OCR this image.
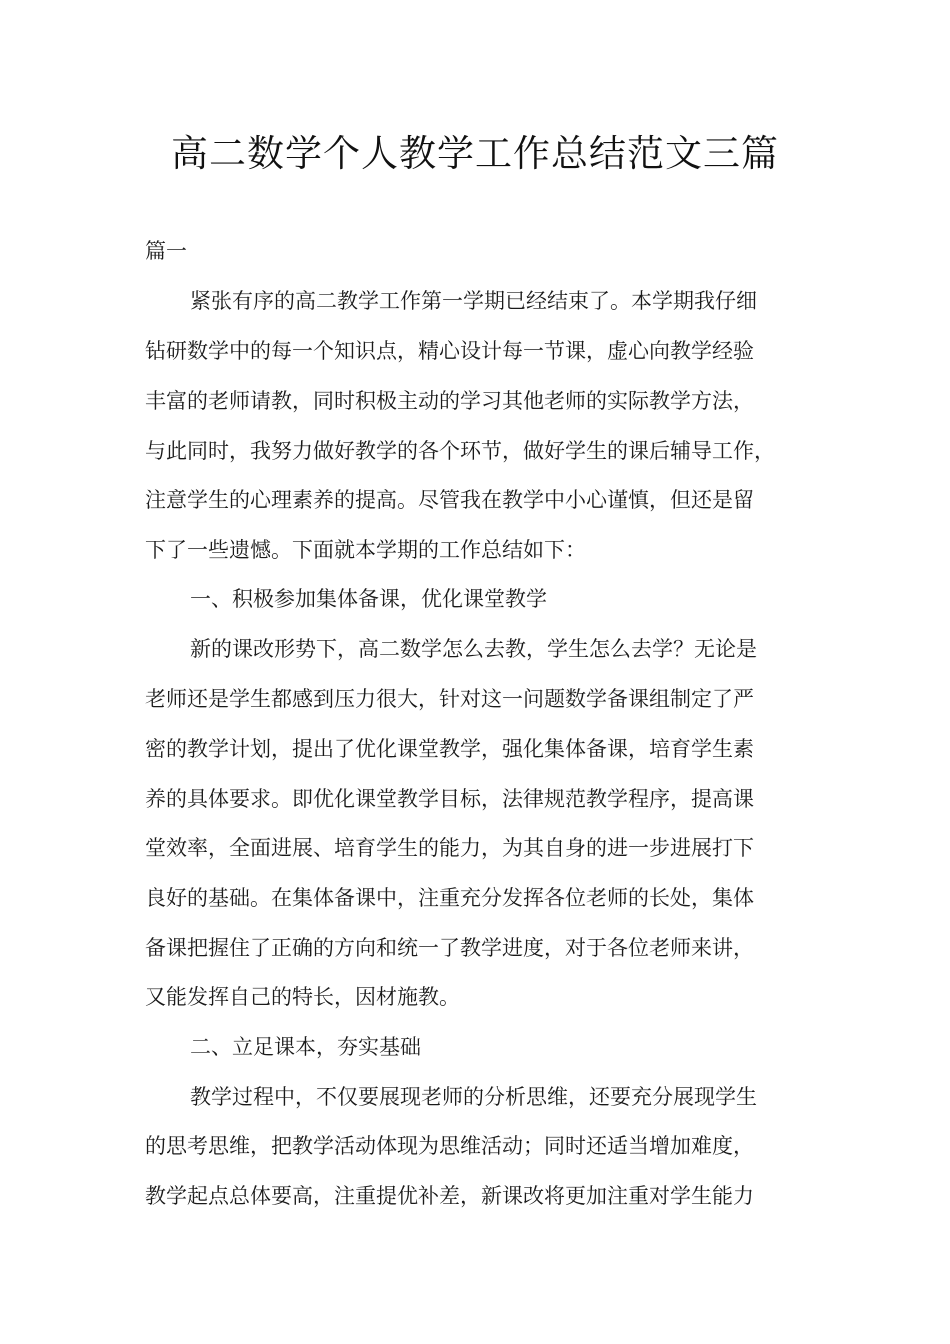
高二数学个人教学工作总结范文三篇
篇一
紧张有序的高二教学工作第一学期已经结束了。本学期我仔细
钻研数学中的每一个知识点，精心设计每一节课，虚心向教学经验
丰富的老师请教，同时积极主动的学习其他老师的实际教学方法，
与此同时，我努力做好教学的各个环节，做好学生的课后辅导工作，
注意学生的心理素养的提高。尽管我在教学中小心谨慎，但还是留
下了一些遗憾。下面就本学期的工作总结如下：
一、积极参加集体备课，优化课堂教学
新的课改形势下，高二数学怎么去教，学生怎么去学？无论是
老师还是学生都感到压力很大，针对这一问题数学备课组制定了严
密的教学计划，提出了优化课堂教学，强化集体备课，培育学生素
养的具体要求。即优化课堂教学目标，法律规范教学程序，提高课
堂效率，全面进展、培育学生的能力，为其自身的进一步进展打下
良好的基础。在集体备课中，注重充分发挥各位老师的长处，集体
备课把握住了正确的方向和统一了教学进度，对于各位老师来讲，
又能发挥自己的特长，因材施教。
二、立足课本，夯实基础
教学过程中，不仅要展现老师的分析思维，还要充分展现学生
的思考思维，把教学活动体现为思维活动；同时还适当增加难度，
教学起点总体要高，注重提优补差，新课改将更加注重对学生能力
